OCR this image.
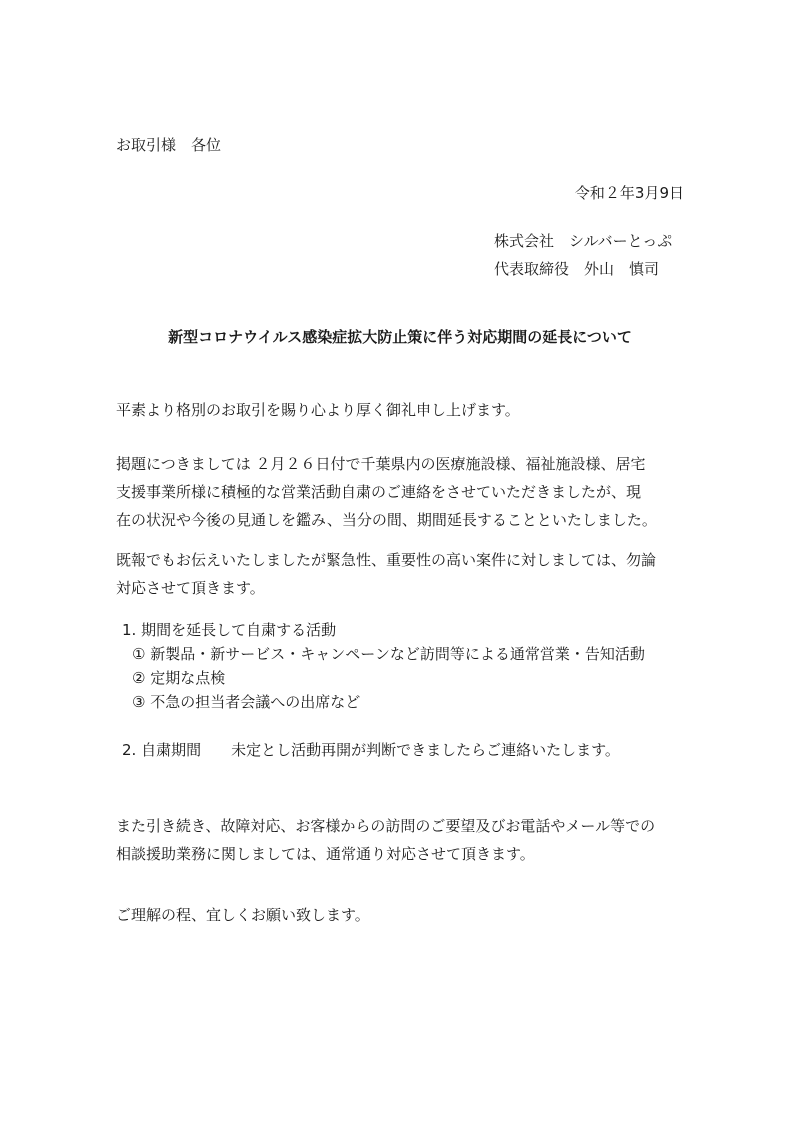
お取引様　各位
令和２年3月9日
株式会社　シルバーとっぷ
代表取締役　外山　慎司
新型コロナウイルス感染症拡大防止策に伴う対応期間の延長について
平素より格別のお取引を賜り心より厚く御礼申し上げます。
掲題につきましては ２月２６日付で千葉県内の医療施設様、福祉施設様、居宅
支援事業所様に積極的な営業活動自粛のご連絡をさせていただきましたが、現
在の状況や今後の見通しを鑑み、当分の間、期間延長することといたしました。
既報でもお伝えいたしましたが緊急性、重要性の高い案件に対しましては、勿論
対応させて頂きます。
1. 期間を延長して自粛する活動
① 新製品・新サービス・キャンペーンなど訪問等による通常営業・告知活動
② 定期な点検
③ 不急の担当者会議への出席など
2. 自粛期間 未定とし活動再開が判断できましたらご連絡いたします。
また引き続き、故障対応、お客様からの訪問のご要望及びお電話やメール等での
相談援助業務に関しましては、通常通り対応させて頂きます。
ご理解の程、宜しくお願い致します。
